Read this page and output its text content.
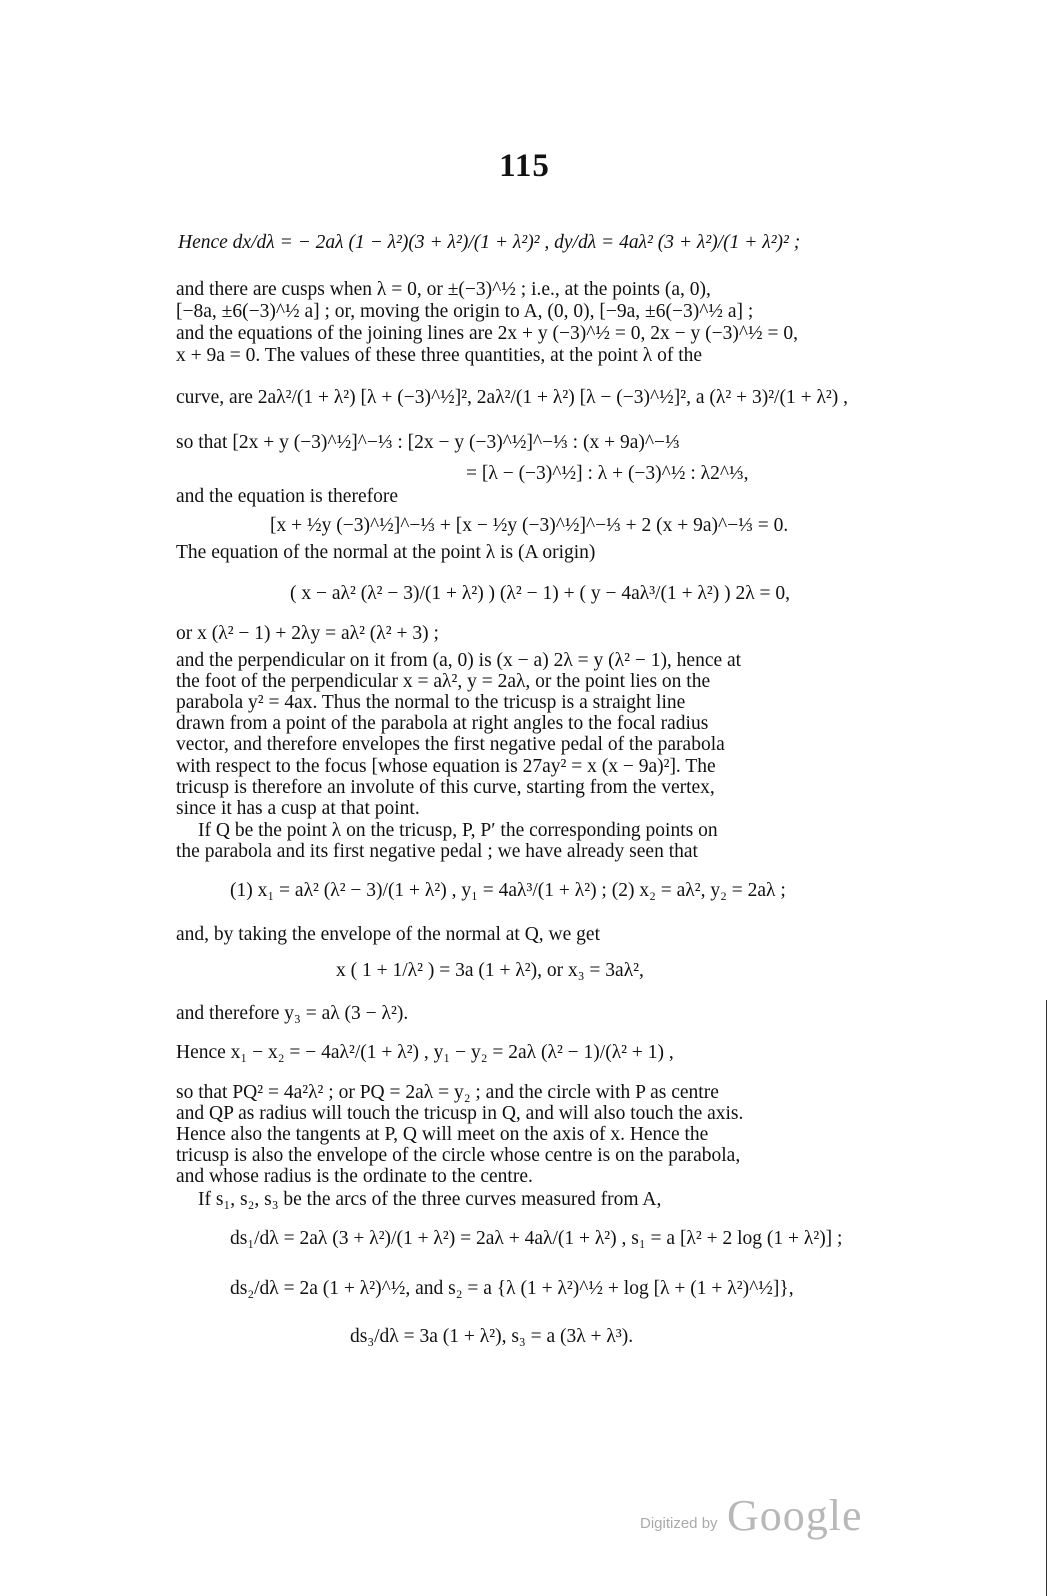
115
Hence dx/dλ = − 2aλ (1 − λ²)(3 + λ²)/(1 + λ²)² , dy/dλ = 4aλ² (3 + λ²)/(1 + λ²)² ;
and there are cusps when λ = 0, or ±(−3)^½ ; i.e., at the points (a, 0),
[−8a, ±6(−3)^½ a] ; or, moving the origin to A, (0, 0), [−9a, ±6(−3)^½ a] ;
and the equations of the joining lines are 2x + y (−3)^½ = 0, 2x − y (−3)^½ = 0,
x + 9a = 0. The values of these three quantities, at the point λ of the
curve, are 2aλ²/(1 + λ²) [λ + (−3)^½]², 2aλ²/(1 + λ²) [λ − (−3)^½]², a (λ² + 3)²/(1 + λ²) ,
so that [2x + y (−3)^½]^−⅓ : [2x − y (−3)^½]^−⅓ : (x + 9a)^−⅓
= [λ − (−3)^½] : λ + (−3)^½ : λ2^⅓,
and the equation is therefore
[x + ½y (−3)^½]^−⅓ + [x − ½y (−3)^½]^−⅓ + 2 (x + 9a)^−⅓ = 0.
The equation of the normal at the point λ is (A origin)
( x − aλ² (λ² − 3)/(1 + λ²) ) (λ² − 1) + ( y − 4aλ³/(1 + λ²) ) 2λ = 0,
or x (λ² − 1) + 2λy = aλ² (λ² + 3) ;
and the perpendicular on it from (a, 0) is (x − a) 2λ = y (λ² − 1), hence at
the foot of the perpendicular x = aλ², y = 2aλ, or the point lies on the
parabola y² = 4ax. Thus the normal to the tricusp is a straight line
drawn from a point of the parabola at right angles to the focal radius
vector, and therefore envelopes the first negative pedal of the parabola
with respect to the focus [whose equation is 27ay² = x (x − 9a)²]. The
tricusp is therefore an involute of this curve, starting from the vertex,
since it has a cusp at that point.
If Q be the point λ on the tricusp, P, P′ the corresponding points on
the parabola and its first negative pedal ; we have already seen that
(1) x₁ = aλ² (λ² − 3)/(1 + λ²) , y₁ = 4aλ³/(1 + λ²) ; (2) x₂ = aλ², y₂ = 2aλ ;
and, by taking the envelope of the normal at Q, we get
x ( 1 + 1/λ² ) = 3a (1 + λ²), or x₃ = 3aλ²,
and therefore y₃ = aλ (3 − λ²).
Hence x₁ − x₂ = − 4aλ²/(1 + λ²) , y₁ − y₂ = 2aλ (λ² − 1)/(λ² + 1) ,
so that PQ² = 4a²λ² ; or PQ = 2aλ = y₂ ; and the circle with P as centre
and QP as radius will touch the tricusp in Q, and will also touch the axis.
Hence also the tangents at P, Q will meet on the axis of x. Hence the
tricusp is also the envelope of the circle whose centre is on the parabola,
and whose radius is the ordinate to the centre.
If s₁, s₂, s₃ be the arcs of the three curves measured from A,
ds₁/dλ = 2aλ (3 + λ²)/(1 + λ²) = 2aλ + 4aλ/(1 + λ²) , s₁ = a [λ² + 2 log (1 + λ²)] ;
ds₂/dλ = 2a (1 + λ²)^½, and s₂ = a {λ (1 + λ²)^½ + log [λ + (1 + λ²)^½]},
ds₃/dλ = 3a (1 + λ²), s₃ = a (3λ + λ³).
Digitized by Google
